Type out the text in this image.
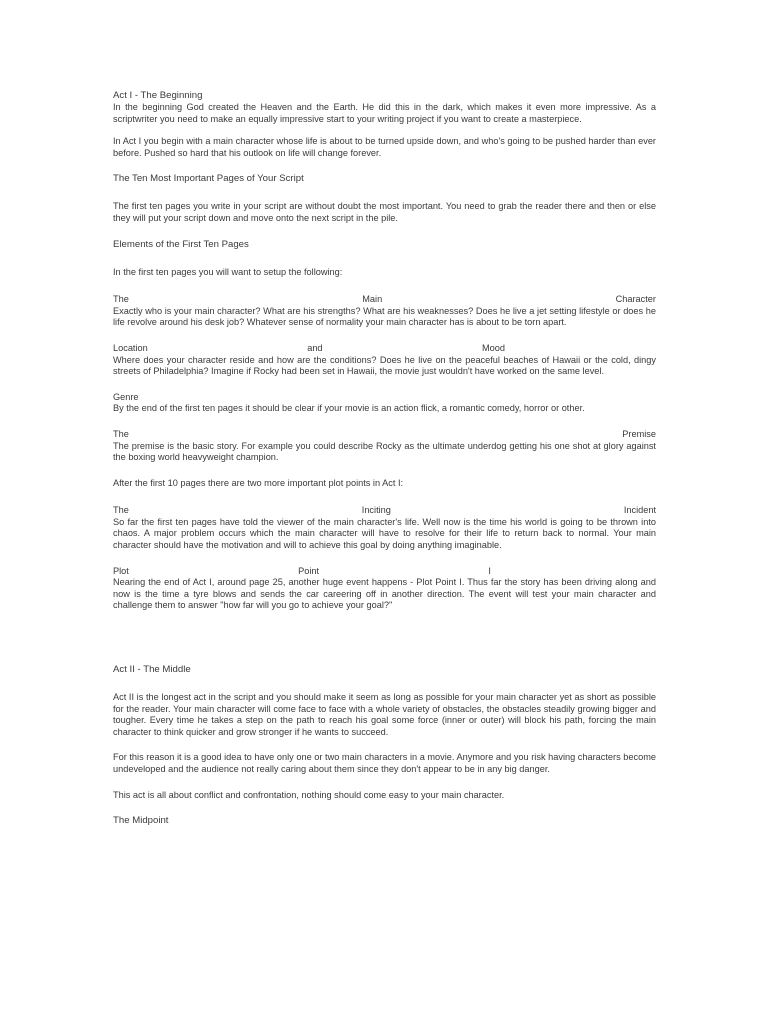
Act I - The Beginning

In the beginning God created the Heaven and the Earth. He did this in the dark, which makes it even more impressive. As a scriptwriter you need to make an equally impressive start to your writing project if you want to create a masterpiece.

In Act I you begin with a main character whose life is about to be turned upside down, and who's going to be pushed harder than ever before. Pushed so hard that his outlook on life will change forever.

The Ten Most Important Pages of Your Script

The first ten pages you write in your script are without doubt the most important. You need to grab the reader there and then or else they will put your script down and move onto the next script in the pile.

Elements of the First Ten Pages

In the first ten pages you will want to setup the following:

The	Main	Character

Exactly who is your main character? What are his strengths? What are his weaknesses? Does he live a jet setting lifestyle or does he life revolve around his desk job? Whatever sense of normality your main character has is about to be torn apart.

Location	and	Mood

Where does your character reside and how are the conditions? Does he live on the peaceful beaches of Hawaii or the cold, dingy streets of Philadelphia? Imagine if Rocky had been set in Hawaii, the movie just wouldn't have worked on the same level.

Genre

By the end of the first ten pages it should be clear if your movie is an action flick, a romantic comedy, horror or other.

The	Premise

The premise is the basic story. For example you could describe Rocky as the ultimate underdog getting his one shot at glory against the boxing world heavyweight champion.

After the first 10 pages there are two more important plot points in Act I:

The	Inciting	Incident

So far the first ten pages have told the viewer of the main character's life. Well now is the time his world is going to be thrown into chaos. A major problem occurs which the main character will have to resolve for their life to return back to normal. Your main character should have the motivation and will to achieve this goal by doing anything imaginable.

Plot	Point	I

Nearing the end of Act I, around page 25, another huge event happens - Plot Point I. Thus far the story has been driving along and now is the time a tyre blows and sends the car careering off in another direction. The event will test your main character and challenge them to answer "how far will you go to achieve your goal?"

Act II - The Middle

Act II is the longest act in the script and you should make it seem as long as possible for your main character yet as short as possible for the reader. Your main character will come face to face with a whole variety of obstacles, the obstacles steadily growing bigger and tougher. Every time he takes a step on the path to reach his goal some force (inner or outer) will block his path, forcing the main character to think quicker and grow stronger if he wants to succeed.

For this reason it is a good idea to have only one or two main characters in a movie. Anymore and you risk having characters become undeveloped and the audience not really caring about them since they don't appear to be in any big danger.

This act is all about conflict and confrontation, nothing should come easy to your main character.

The Midpoint
